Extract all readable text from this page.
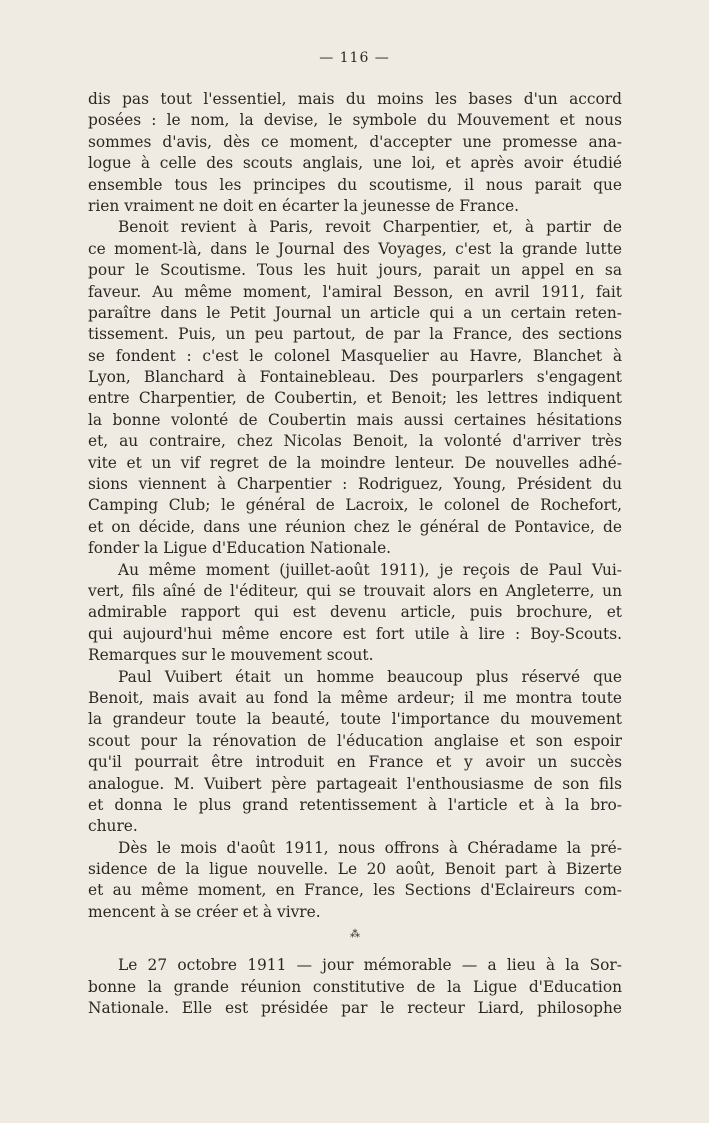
— 116 —
dis pas tout l'essentiel, mais du moins les bases d'un accord
posées : le nom, la devise, le symbole du Mouvement et nous
sommes d'avis, dès ce moment, d'accepter une promesse ana-
logue à celle des scouts anglais, une loi, et après avoir étudié
ensemble tous les principes du scoutisme, il nous parait que
rien vraiment ne doit en écarter la jeunesse de France.
Benoit revient à Paris, revoit Charpentier, et, à partir de
ce moment-là, dans le Journal des Voyages, c'est la grande lutte
pour le Scoutisme. Tous les huit jours, parait un appel en sa
faveur. Au même moment, l'amiral Besson, en avril 1911, fait
paraître dans le Petit Journal un article qui a un certain reten-
tissement. Puis, un peu partout, de par la France, des sections
se fondent : c'est le colonel Masquelier au Havre, Blanchet à
Lyon, Blanchard à Fontainebleau. Des pourparlers s'engagent
entre Charpentier, de Coubertin, et Benoit; les lettres indiquent
la bonne volonté de Coubertin mais aussi certaines hésitations
et, au contraire, chez Nicolas Benoit, la volonté d'arriver très
vite et un vif regret de la moindre lenteur. De nouvelles adhé-
sions viennent à Charpentier : Rodriguez, Young, Président du
Camping Club; le général de Lacroix, le colonel de Rochefort,
et on décide, dans une réunion chez le général de Pontavice, de
fonder la Ligue d'Education Nationale.
Au même moment (juillet-août 1911), je reçois de Paul Vui-
vert, fils aîné de l'éditeur, qui se trouvait alors en Angleterre, un
admirable rapport qui est devenu article, puis brochure, et
qui aujourd'hui même encore est fort utile à lire : Boy-Scouts.
Remarques sur le mouvement scout.
Paul Vuibert était un homme beaucoup plus réservé que
Benoit, mais avait au fond la même ardeur; il me montra toute
la grandeur toute la beauté, toute l'importance du mouvement
scout pour la rénovation de l'éducation anglaise et son espoir
qu'il pourrait être introduit en France et y avoir un succès
analogue. M. Vuibert père partageait l'enthousiasme de son fils
et donna le plus grand retentissement à l'article et à la bro-
chure.
Dès le mois d'août 1911, nous offrons à Chéradame la pré-
sidence de la ligue nouvelle. Le 20 août, Benoit part à Bizerte
et au même moment, en France, les Sections d'Eclaireurs com-
mencent à se créer et à vivre.
⁂
Le 27 octobre 1911 — jour mémorable — a lieu à la Sor-
bonne la grande réunion constitutive de la Ligue d'Education
Nationale. Elle est présidée par le recteur Liard, philosophe
